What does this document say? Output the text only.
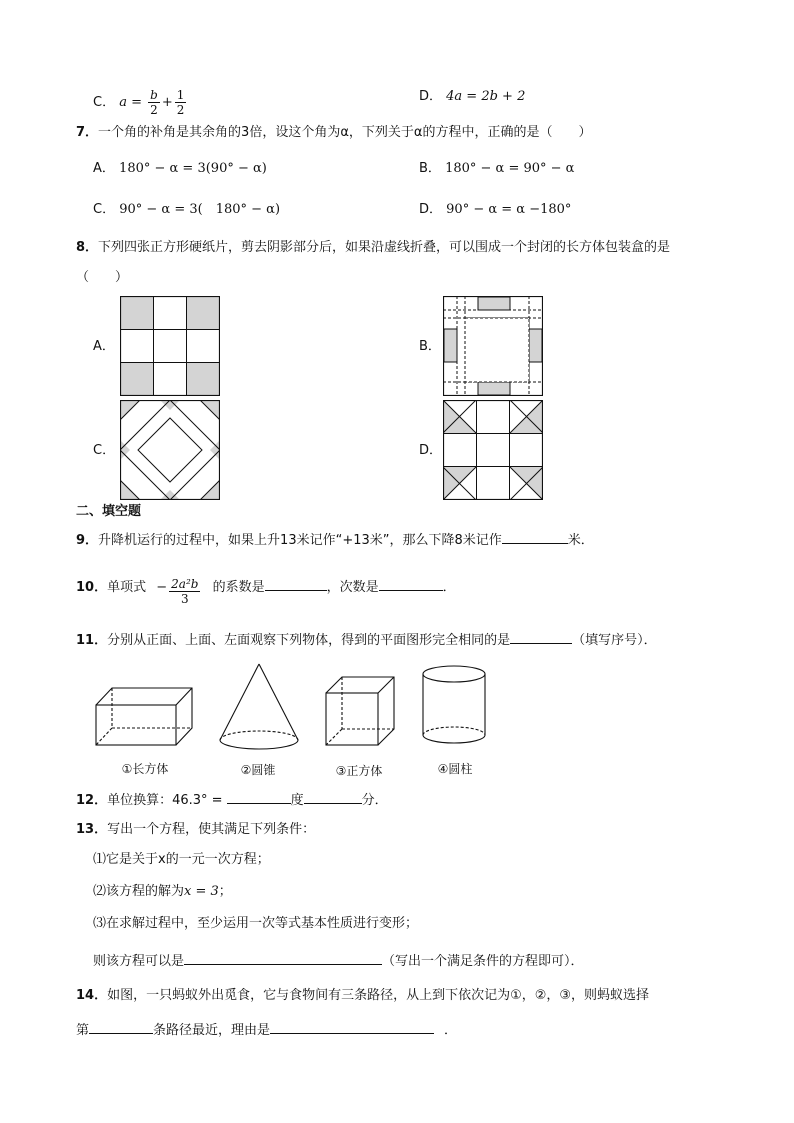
C． $a = \frac{b}{2} + \frac{1}{2}$	D． 4a = 2b + 2
7．一个角的补角是其余角的3倍，设这个角为α，下列关于α的方程中，正确的是（　　）
A． 180° − α = 3(90° − α)	B． 180° − α = 90° − α
C． 90° − α = 3(　180° − α)	D． 90° − α = α −180°
8．下列四张正方形硬纸片，剪去阴影部分后，如果沿虚线折叠，可以围成一个封闭的长方体包装盒的是
（　　）
A．	B．
C．	D．
二、填空题
9．升降机运行的过程中，如果上升13米记作“+13米”，那么下降8米记作	米．
10．单项式 − $\frac{\text{2a²b}}{3}$ 的系数是	，次数是	．
11．分别从正面、上面、左面观察下列物体，得到的平面图形完全相同的是	（填写序号）．
①长方体	②圆锥	③正方体	④圆柱
12．单位换算：46.3° =	度	分．
13．写出一个方程，使其满足下列条件：
⑴它是关于x的一元一次方程；
⑵该方程的解为x = 3；
⑶在求解过程中，至少运用一次等式基本性质进行变形；
则该方程可以是	（写出一个满足条件的方程即可）．
14．如图，一只蚂蚁外出觅食，它与食物间有三条路径，从上到下依次记为①，②，③，则蚂蚁选择
第	条路径最近，理由是	．
